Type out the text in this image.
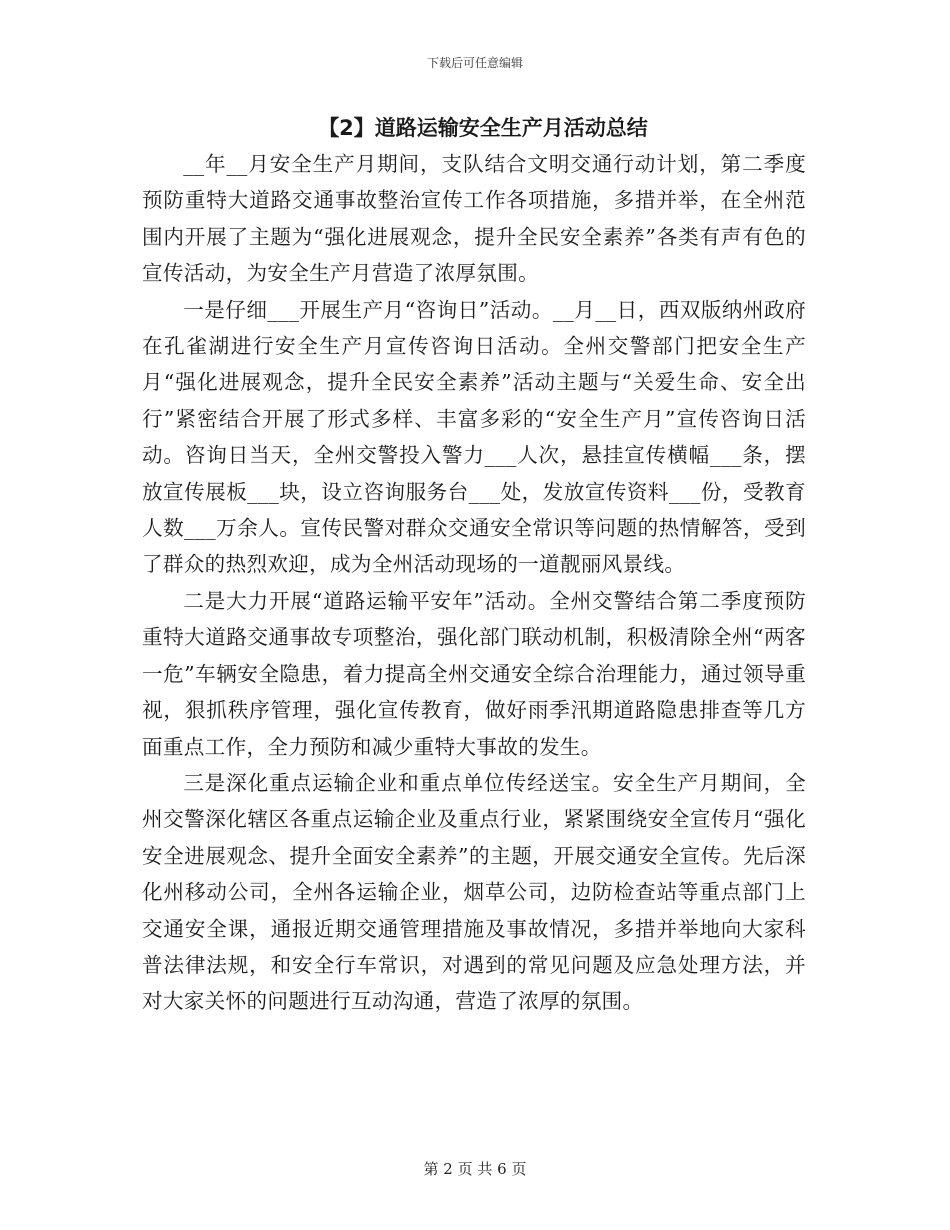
下载后可任意编辑
【2】道路运输安全生产月活动总结

__年__月安全生产月期间，支队结合文明交通行动计划，第二季度预防重特大道路交通事故整治宣传工作各项措施，多措并举，在全州范围内开展了主题为“强化进展观念，提升全民安全素养”各类有声有色的宣传活动，为安全生产月营造了浓厚氛围。

一是仔细___开展生产月“咨询日”活动。__月__日，西双版纳州政府在孔雀湖进行安全生产月宣传咨询日活动。全州交警部门把安全生产月“强化进展观念，提升全民安全素养”活动主题与“关爱生命、安全出行”紧密结合开展了形式多样、丰富多彩的“安全生产月”宣传咨询日活动。咨询日当天，全州交警投入警力___人次，悬挂宣传横幅___条，摆放宣传展板___块，设立咨询服务台___处，发放宣传资料___份，受教育人数___万余人。宣传民警对群众交通安全常识等问题的热情解答，受到了群众的热烈欢迎，成为全州活动现场的一道靓丽风景线。

二是大力开展“道路运输平安年”活动。全州交警结合第二季度预防重特大道路交通事故专项整治，强化部门联动机制，积极清除全州“两客一危”车辆安全隐患，着力提高全州交通安全综合治理能力，通过领导重视，狠抓秩序管理，强化宣传教育，做好雨季汛期道路隐患排查等几方面重点工作，全力预防和减少重特大事故的发生。

三是深化重点运输企业和重点单位传经送宝。安全生产月期间，全州交警深化辖区各重点运输企业及重点行业，紧紧围绕安全宣传月“强化安全进展观念、提升全面安全素养”的主题，开展交通安全宣传。先后深化州移动公司，全州各运输企业，烟草公司，边防检查站等重点部门上交通安全课，通报近期交通管理措施及事故情况，多措并举地向大家科普法律法规，和安全行车常识，对遇到的常见问题及应急处理方法，并对大家关怀的问题进行互动沟通，营造了浓厚的氛围。

第 2 页 共 6 页
